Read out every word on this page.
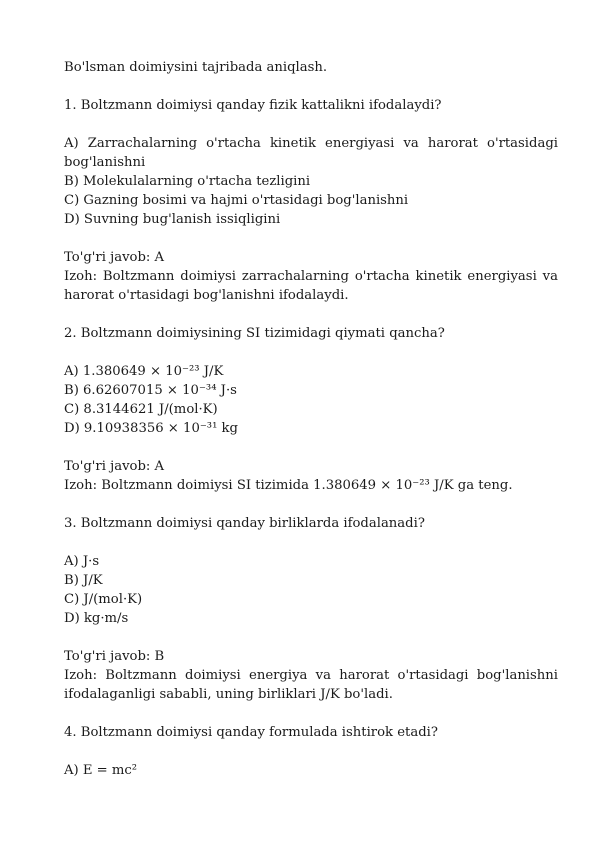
Bo'lsman doimiysini tajribada aniqlash.

1. Boltzmann doimiysi qanday fizik kattalikni ifodalaydi?

A) Zarrachalarning o'rtacha kinetik energiyasi va harorat o'rtasidagi bog'lanishni

B) Molekulalarning o'rtacha tezligini

C) Gazning bosimi va hajmi o'rtasidagi bog'lanishni

D) Suvning bug'lanish issiqligini

To'g'ri javob: A

Izoh: Boltzmann doimiysi zarrachalarning o'rtacha kinetik energiyasi va harorat o'rtasidagi bog'lanishni ifodalaydi.

2. Boltzmann doimiysining SI tizimidagi qiymati qancha?

A) 1.380649 × 10⁻²³ J/K

B) 6.62607015 × 10⁻³⁴ J·s

C) 8.3144621 J/(mol·K)

D) 9.10938356 × 10⁻³¹ kg

To'g'ri javob: A

Izoh: Boltzmann doimiysi SI tizimida 1.380649 × 10⁻²³ J/K ga teng.

3. Boltzmann doimiysi qanday birliklarda ifodalanadi?

A) J·s

B) J/K

C) J/(mol·K)

D) kg·m/s

To'g'ri javob: B

Izoh: Boltzmann doimiysi energiya va harorat o'rtasidagi bog'lanishni ifodalaganligi sababli, uning birliklari J/K bo'ladi.

4. Boltzmann doimiysi qanday formulada ishtirok etadi?

A) E = mc²
